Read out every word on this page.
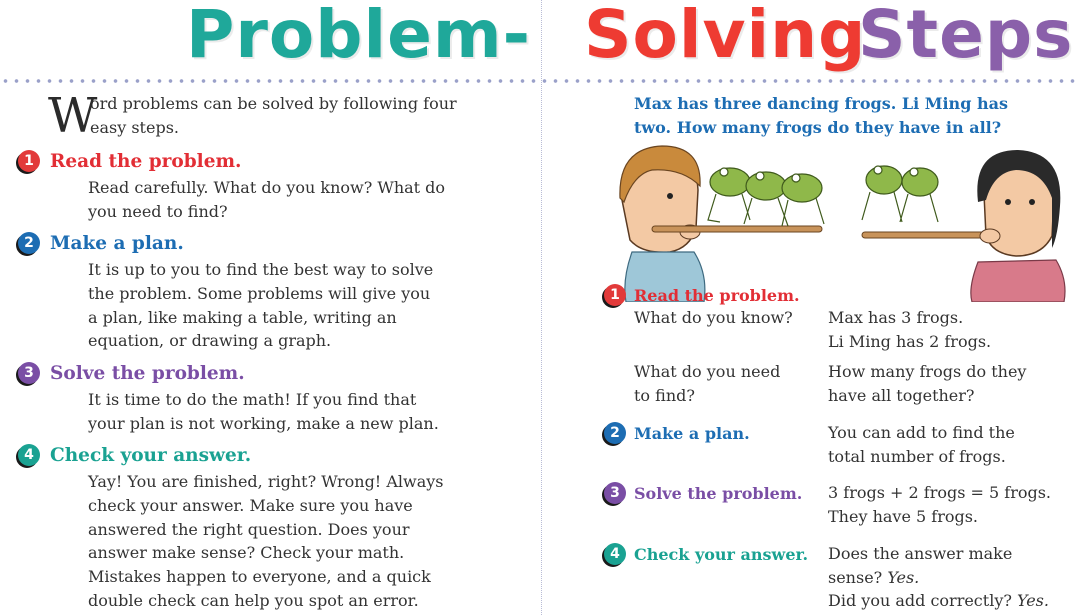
Problem- Solving
Steps
W
ord problems can be solved by following four
easy steps.
1 Read the problem.
Read carefully. What do you know? What do
you need to find?
2 Make a plan.
It is up to you to find the best way to solve
the problem. Some problems will give you
a plan, like making a table, writing an
equation, or drawing a graph.
3 Solve the problem.
It is time to do the math! If you find that
your plan is not working, make a new plan.
4 Check your answer.
Yay! You are finished, right? Wrong! Always
check your answer. Make sure you have
answered the right question. Does your
answer make sense? Check your math.
Mistakes happen to everyone, and a quick
double check can help you spot an error.
Max has three dancing frogs. Li Ming has
two. How many frogs do they have in all?
1 Read the problem.
What do you know? Max has 3 frogs.
Li Ming has 2 frogs.
What do you need
to find?
How many frogs do they
have all together?
2 Make a plan.	You can add to find the
total number of frogs.
3 Solve the problem. 3 frogs + 2 frogs = 5 frogs.
They have 5 frogs.
4 Check your answer. Does the answer make
sense? Yes.
Did you add correctly? Yes.
